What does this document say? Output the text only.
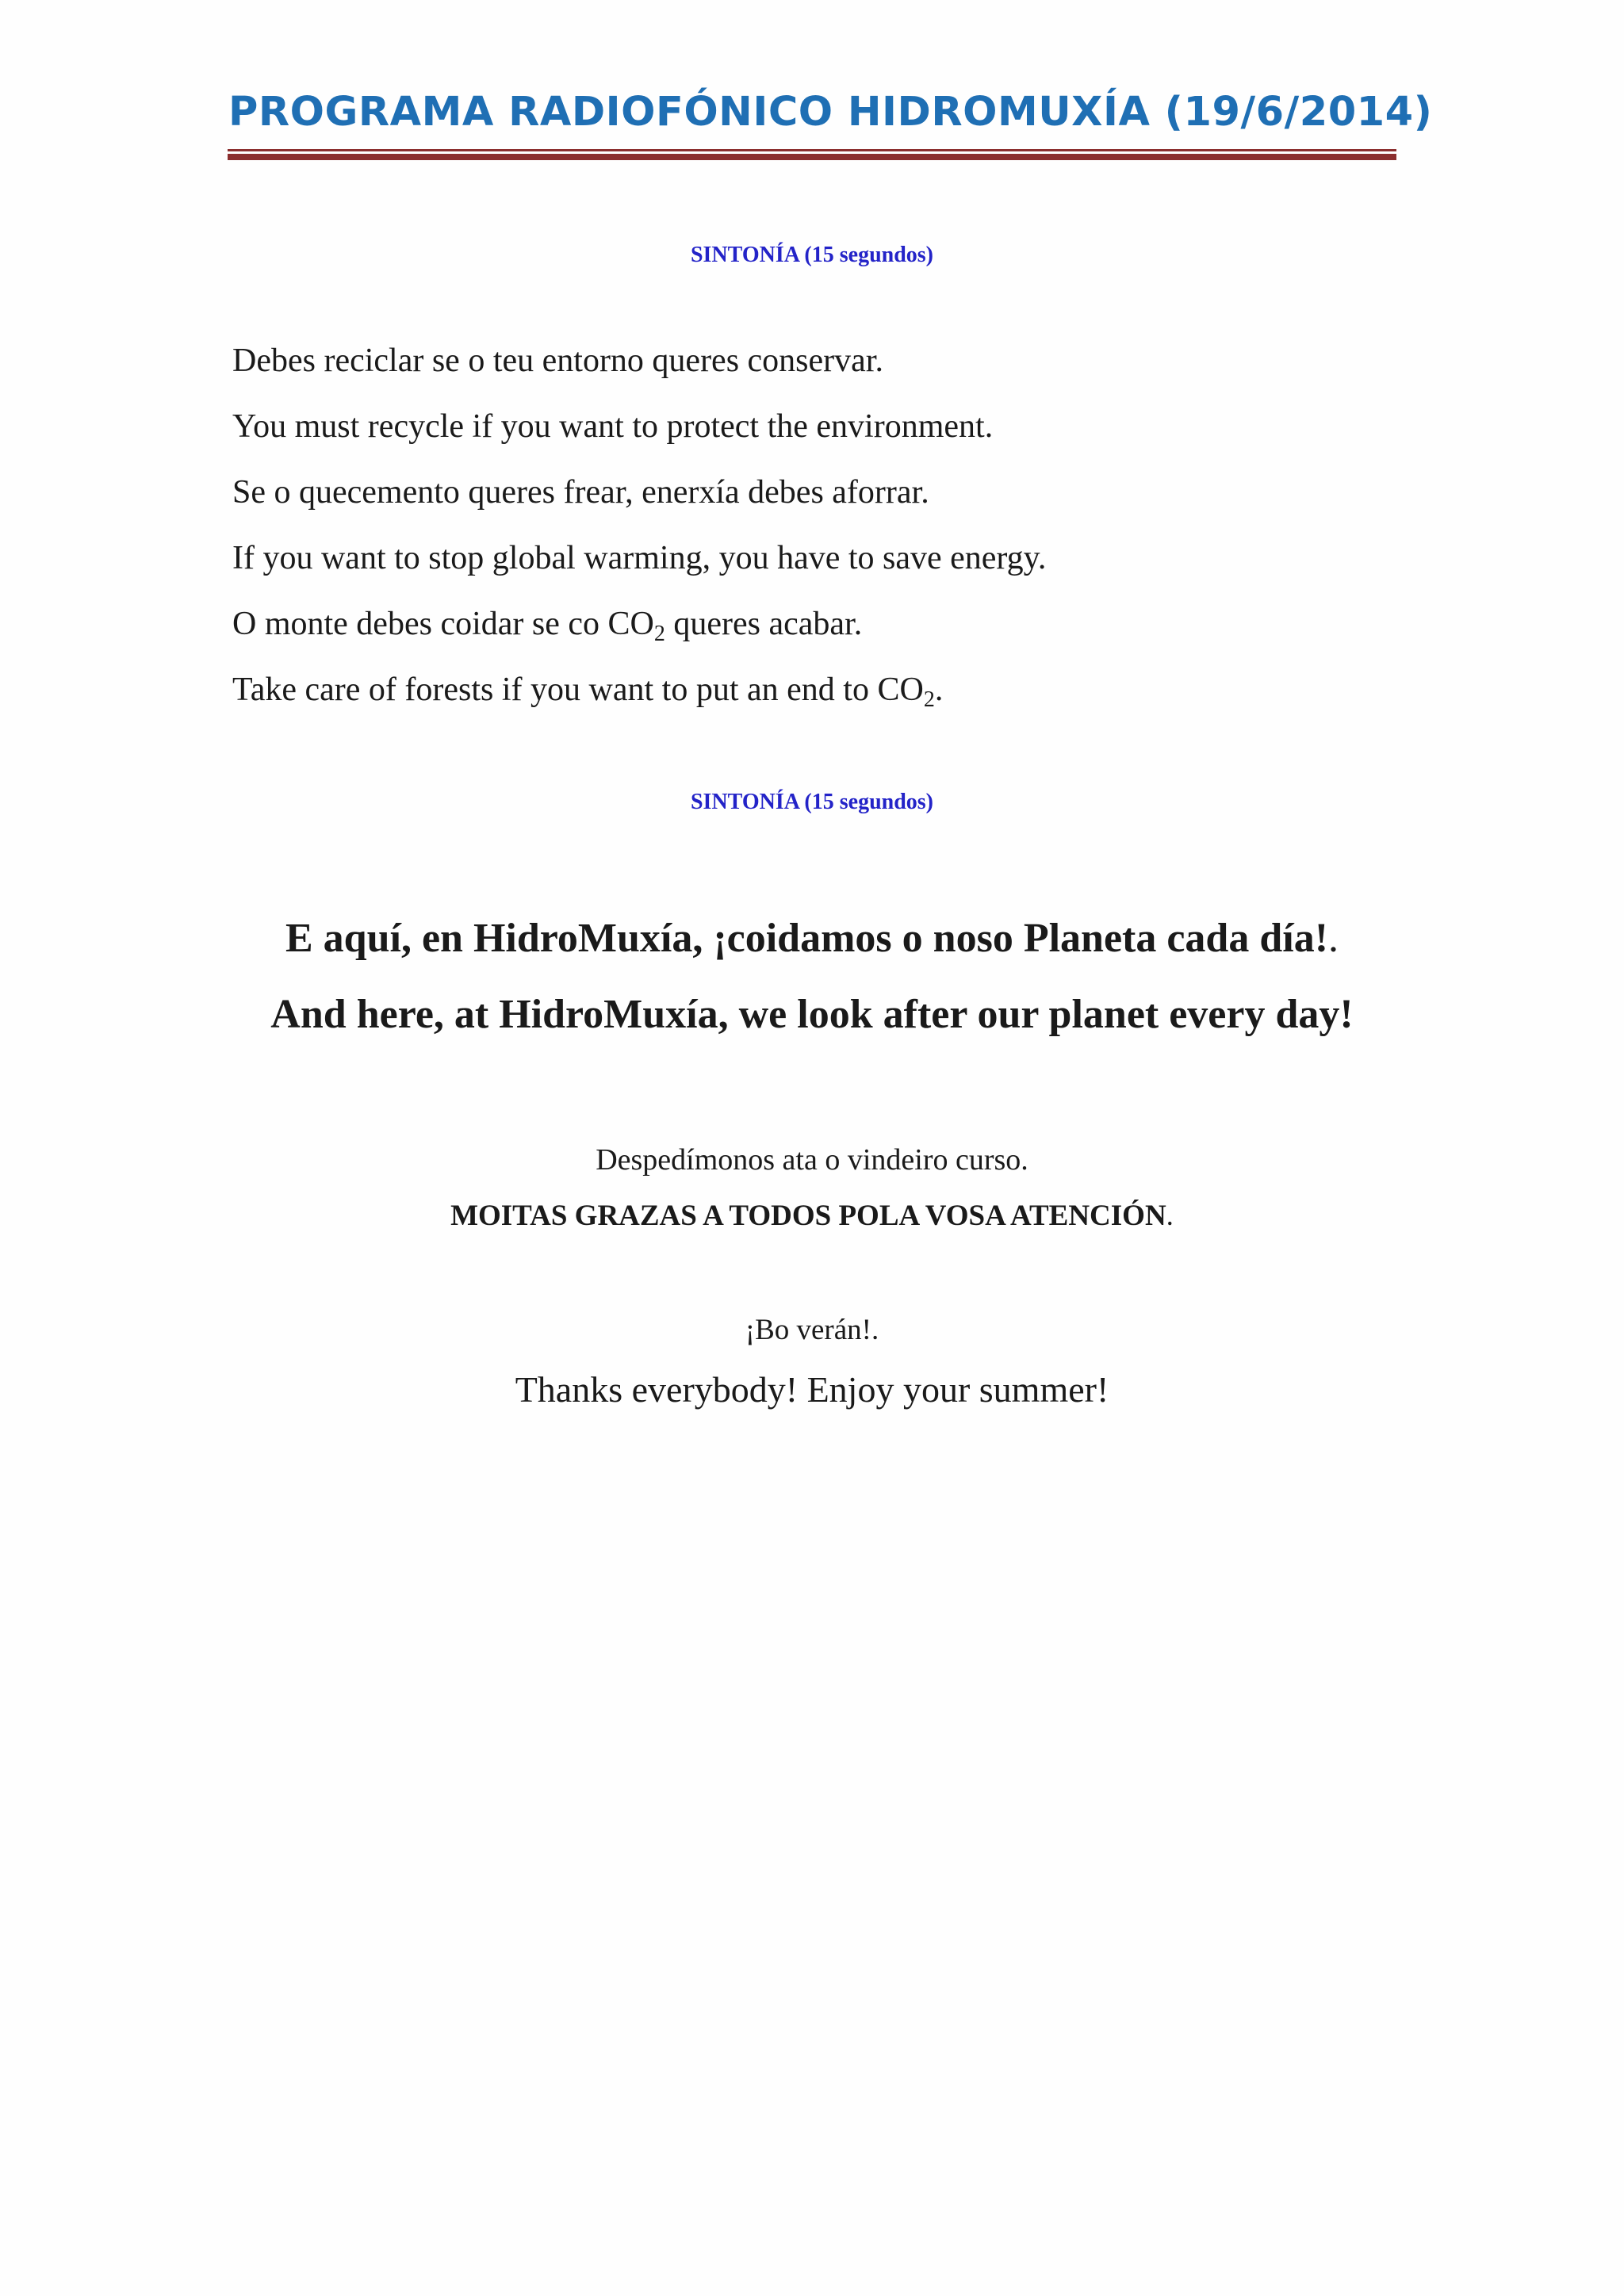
PROGRAMA RADIOFÓNICO HIDROMUXÍA (19/6/2014)
SINTONÍA (15 segundos)
Debes reciclar se o teu entorno queres conservar.
You must recycle if you want to protect the environment.
Se o quecemento queres frear, enerxía debes aforrar.
If you want to stop global warming, you have to save energy.
O monte debes coidar se co $CO_2$ queres acabar.
Take care of forests if you want to put an end to $CO_2$.
SINTONÍA (15 segundos)
E aquí, en HidroMuxía, ¡coidamos o noso Planeta cada día!.
And here, at HidroMuxía, we look after our planet every day!
Despedímonos ata o vindeiro curso.
MOITAS GRAZAS A TODOS POLA VOSA ATENCIÓN.
¡Bo verán!.
Thanks everybody! Enjoy your summer!
